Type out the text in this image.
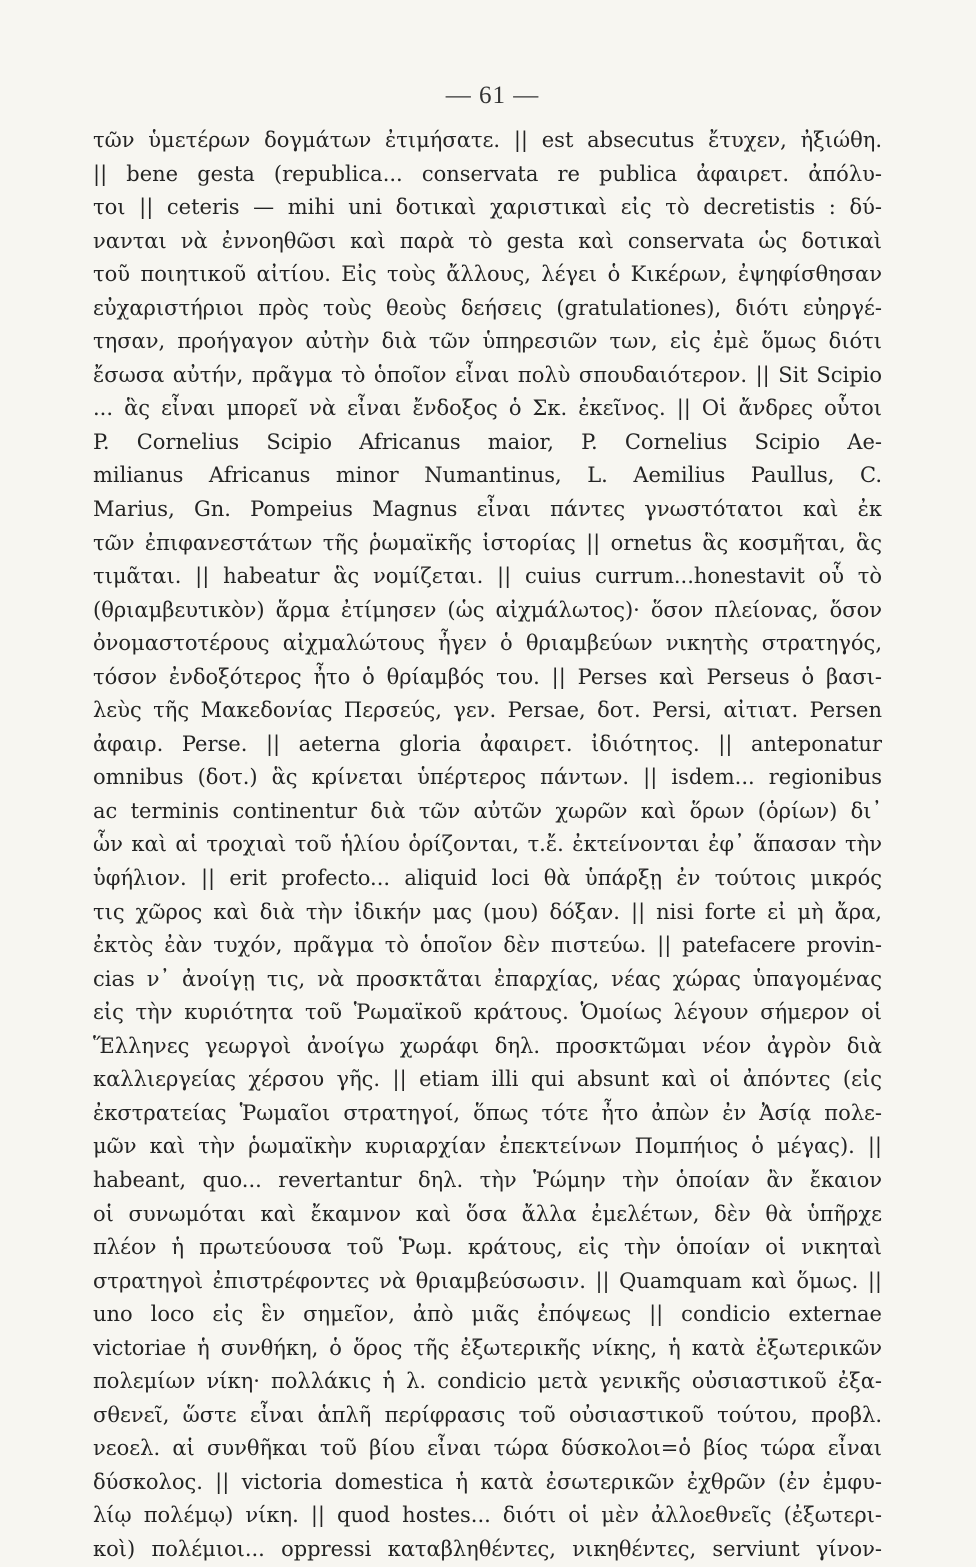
— 61 —
τῶν ὑμετέρων δογμάτων ἐτιμήσατε. || est absecutus ἔτυχεν, ἠξιώθη.
|| bene gesta (republica... conservata re publica ἀφαιρετ. ἀπόλυ-
τοι || ceteris — mihi uni δοτικαὶ χαριστικαὶ εἰς τὸ decretistis : δύ-
νανται νὰ ἐννοηθῶσι καὶ παρὰ τὸ gesta καὶ conservata ὡς δοτικαὶ
τοῦ ποιητικοῦ αἰτίου. Εἰς τοὺς ἄλλους, λέγει ὁ Κικέρων, ἐψηφίσθησαν
εὐχαριστήριοι πρὸς τοὺς θεοὺς δεήσεις (gratulationes), διότι εὐηργέ-
τησαν, προήγαγον αὐτὴν διὰ τῶν ὑπηρεσιῶν των, εἰς ἐμὲ ὅμως διότι
ἔσωσα αὐτήν, πρᾶγμα τὸ ὁποῖον εἶναι πολὺ σπουδαιότερον. || Sit Scipio
... ἃς εἶναι μπορεῖ νὰ εἶναι ἔνδοξος ὁ Σκ. ἐκεῖνος. || Οἱ ἄνδρες οὗτοι
P. Cornelius Scipio Africanus maior, P. Cornelius Scipio Ae-
milianus Africanus minor Numantinus, L. Aemilius Paullus, C.
Marius, Gn. Pompeius Magnus εἶναι πάντες γνωστότατοι καὶ ἐκ
τῶν ἐπιφανεστάτων τῆς ῥωμαϊκῆς ἱστορίας || ornetus ἃς κοσμῆται, ἃς
τιμᾶται. || habeatur ἃς νομίζεται. || cuius currum...honestavit οὗ τὸ
(θριαμβευτικὸν) ἅρμα ἐτίμησεν (ὡς αἰχμάλωτος)· ὅσον πλείονας, ὅσον
ὀνομαστοτέρους αἰχμαλώτους ἦγεν ὁ θριαμβεύων νικητὴς στρατηγός,
τόσον ἐνδοξότερος ἦτο ὁ θρίαμβός του. || Perses καὶ Perseus ὁ βασι-
λεὺς τῆς Μακεδονίας Περσεύς, γεν. Persae, δοτ. Persi, αἰτιατ. Persen
ἀφαιρ. Perse. || aeterna gloria ἀφαιρετ. ἰδιότητος. || anteponatur
omnibus (δοτ.) ἃς κρίνεται ὑπέρτερος πάντων. || isdem... regionibus
ac terminis continentur διὰ τῶν αὐτῶν χωρῶν καὶ ὅρων (ὁρίων) δι᾽
ὧν καὶ αἱ τροχιαὶ τοῦ ἡλίου ὁρίζονται, τ.ἔ. ἐκτείνονται ἐφ᾽ ἅπασαν τὴν
ὑφήλιον. || erit profecto... aliquid loci θὰ ὑπάρξῃ ἐν τούτοις μικρός
τις χῶρος καὶ διὰ τὴν ἰδικήν μας (μου) δόξαν. || nisi forte εἰ μὴ ἄρα,
ἐκτὸς ἐὰν τυχόν, πρᾶγμα τὸ ὁποῖον δὲν πιστεύω. || patefacere provin-
cias ν᾽ ἀνοίγῃ τις, νὰ προσκτᾶται ἐπαρχίας, νέας χώρας ὑπαγομένας
εἰς τὴν κυριότητα τοῦ Ῥωμαϊκοῦ κράτους. Ὁμοίως λέγουν σήμερον οἱ
Ἕλληνες γεωργοὶ ἀνοίγω χωράφι δηλ. προσκτῶμαι νέον ἀγρὸν διὰ
καλλιεργείας χέρσου γῆς. || etiam illi qui absunt καὶ οἱ ἀπόντες (εἰς
ἐκστρατείας Ῥωμαῖοι στρατηγοί, ὅπως τότε ἦτο ἀπὼν ἐν Ἀσίᾳ πολε-
μῶν καὶ τὴν ῥωμαϊκὴν κυριαρχίαν ἐπεκτείνων Πομπήιος ὁ μέγας). ||
habeant, quo... revertantur δηλ. τὴν Ῥώμην τὴν ὁποίαν ἂν ἔκαιον
οἱ συνωμόται καὶ ἔκαμνον καὶ ὅσα ἄλλα ἐμελέτων, δὲν θὰ ὑπῆρχε
πλέον ἡ πρωτεύουσα τοῦ Ῥωμ. κράτους, εἰς τὴν ὁποίαν οἱ νικηταὶ
στρατηγοὶ ἐπιστρέφοντες νὰ θριαμβεύσωσιν. || Quamquam καὶ ὅμως. ||
uno loco εἰς ἓν σημεῖον, ἀπὸ μιᾶς ἐπόψεως || condicio externae
victoriae ἡ συνθήκη, ὁ ὅρος τῆς ἐξωτερικῆς νίκης, ἡ κατὰ ἐξωτερικῶν
πολεμίων νίκη· πολλάκις ἡ λ. condicio μετὰ γενικῆς οὐσιαστικοῦ ἐξα-
σθενεῖ, ὥστε εἶναι ἁπλῆ περίφρασις τοῦ οὐσιαστικοῦ τούτου, προβλ.
νεοελ. αἱ συνθῆκαι τοῦ βίου εἶναι τώρα δύσκολοι=ὁ βίος τώρα εἶναι
δύσκολος. || victoria domestica ἡ κατὰ ἐσωτερικῶν ἐχθρῶν (ἐν ἐμφυ-
λίῳ πολέμῳ) νίκη. || quod hostes... διότι οἱ μὲν ἀλλοεθνεῖς (ἐξωτερι-
κοὶ) πολέμιοι... oppressi καταβληθέντες, νικηθέντες, serviunt γίνον-
